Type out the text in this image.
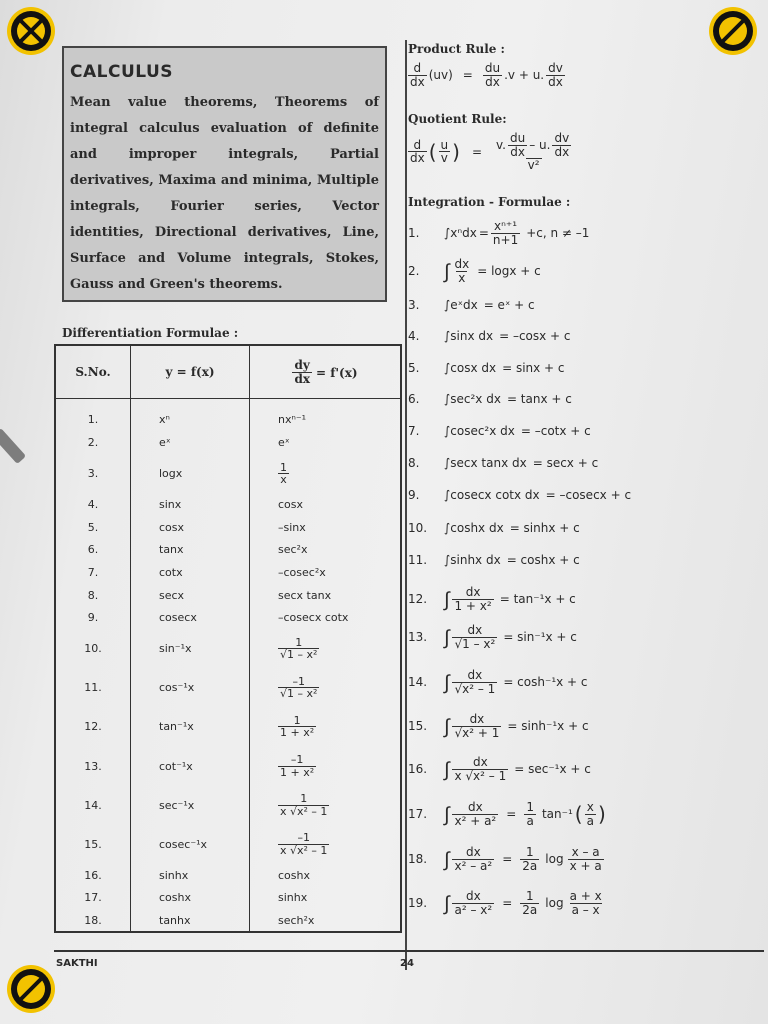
CALCULUS
Mean value theorems, Theorems of integral calculus evaluation of definite and improper integrals, Partial derivatives, Maxima and minima, Multiple integrals, Fourier series, Vector identities, Directional derivatives, Line, Surface and Volume integrals, Stokes, Gauss and Green's theorems.
Differentiation Formulae :
S.No.	y = f(x)	$\frac{dy}{dx} = f'(x)$

1.	xⁿ	nxⁿ⁻¹
2.	eˣ	eˣ
3.	logx	$\frac{1}{x}$

4.	sinx	cosx
5.	cosx	–sinx
6.	tanx	sec²x
7.	cotx	–cosec²x
8.	secx	secx tanx
9.	cosecx	–cosecx cotx
10.	sin⁻¹x	$\frac{1}{\text{√1 – x²}}$

11.	cos⁻¹x	$\frac{-1}{\text{√1 – x²}}$

12.	tan⁻¹x	$\frac{1}{\text{1 + x²}}$

13.	cot⁻¹x	$\frac{-1}{\text{1 + x²}}$

14.	sec⁻¹x	$\frac{1}{\text{x √x² – 1}}$

15.	cosec⁻¹x	$\frac{-1}{\text{x √x² – 1}}$

16.	sinhx	coshx
17.	coshx	sinhx
18.	tanhx	sech²x
Product Rule :
$\frac{d}{dx} (uv) = \frac{du}{dx} .v + u$. $\frac{dv}{dx}$
Quotient Rule:
$\frac{d}{dx}$ ( $\frac{u}{v}$ ) = $\frac{v. \frac{du}{dx} - u. \frac{dv}{dx}}{\text{v²}}$
Integration - Formulae :
1.	$\int x^ndx = \frac{\text{xⁿ⁺¹}}{n+1} +c$, n ≠ –1
2.	∫ $\frac{dx}{x} = \log x + c$
3.	∫eˣdx = eˣ + c
4.	∫sinx dx = –cosx + c
5.	∫cosx dx = sinx + c
6.	∫sec²x dx = tanx + c
7.	∫cosec²x dx = –cotx + c
8.	∫secx tanx dx = secx + c
9.	∫cosecx cotx dx = –cosecx + c
10.	∫coshx dx = sinhx + c
11.	∫sinhx dx = coshx + c
12. ∫ $\frac{dx}{\text{1 + x²}} = \tan^{-1}x + c$
13. ∫ $\frac{dx}{\text{√1 – x²}} = \sin^{-1}x + c$
14. ∫ $\frac{dx}{\text{√x² – 1}} = \cosh^{-1}x + c$
15. ∫ $\frac{dx}{\text{√x² + 1}} = \sinh^{-1}x + c$
16. ∫ $\frac{dx}{\text{x √x² – 1}} = \sec^{-1}x + c$
17. ∫ $\frac{dx}{\text{x² + a²}} = \frac{1}{a} \tan^{-1}$ ( $\frac{x}{a}$ )
18. ∫ $\frac{dx}{\text{x² – a²}} = \frac{1}{2a}$ $\log \frac{x - a}{x + a}$
19. ∫ $\frac{dx}{\text{a² – x²}} = \frac{1}{2a}$ $\log \frac{a + x}{a - x}$
SAKTHI	24
